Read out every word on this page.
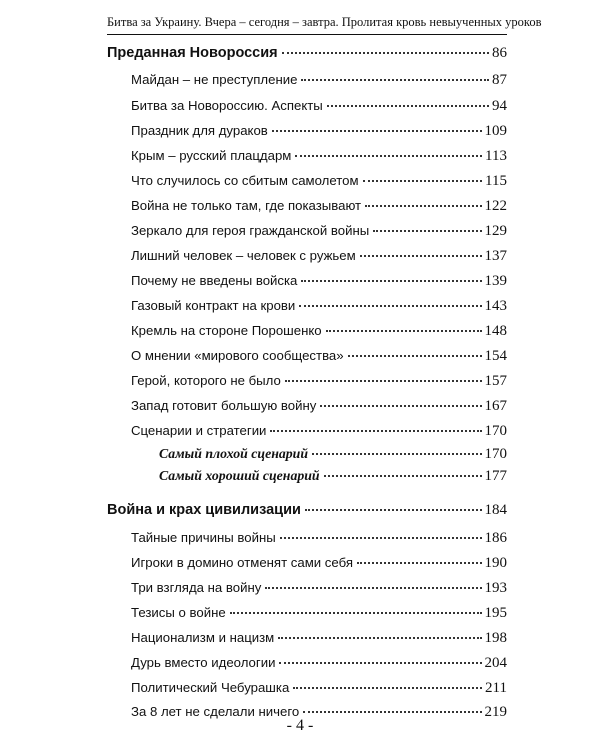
Битва за Украину. Вчера – сегодня – завтра. Пролитая кровь невыученных уроков
Преданная Новороссия	86
Майдан – не преступление	87
Битва за Новороссию. Аспекты	94
Праздник для дураков	109
Крым – русский плацдарм	113
Что случилось со сбитым самолетом	115
Война не только там, где показывают	122
Зеркало для героя гражданской войны	129
Лишний человек – человек с ружьем	137
Почему не введены войска	139
Газовый контракт на крови	143
Кремль на стороне Порошенко	148
О мнении «мирового сообщества»	154
Герой, которого не было	157
Запад готовит большую войну	167
Сценарии и стратегии	170
Самый плохой сценарий	170
Самый хороший сценарий	177
Война и крах цивилизации	184
Тайные причины войны	186
Игроки в домино отменят сами себя	190
Три взгляда на войну	193
Тезисы о войне	195
Национализм и нацизм	198
Дурь вместо идеологии	204
Политический Чебурашка	211
За 8 лет не сделали ничего	219
- 4 -
